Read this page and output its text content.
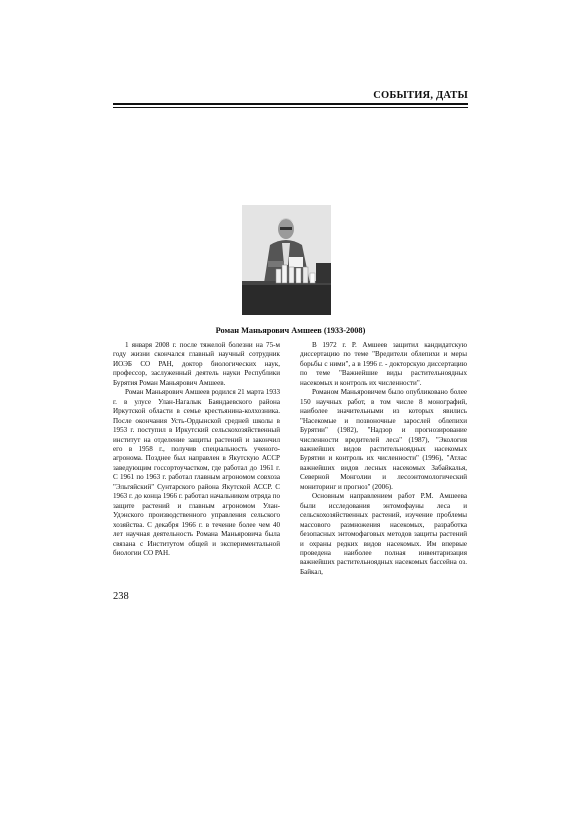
СОБЫТИЯ, ДАТЫ
Роман Маньярович Амшеев (1933-2008)

1 января 2008 г. после тяжелой болезни на 75-м году жизни скончался главный научный сотрудник ИОЭБ СО РАН, доктор биологических наук, профессор, заслуженный деятель науки Республики Бурятия Роман Маньярович Амшеев.

Роман Маньярович Амшеев родился 21 марта 1933 г. в улусе Улан-Нагалык Баяндаевского района Иркутской области в семье крестьянина-колхозника. После окончания Усть-Ордынской средней школы в 1953 г. поступил в Иркутский сельскохозяйственный институт на отделение защиты растений и закончил его в 1958 г., получив специальность ученого-агронома. Позднее был направлен в Якутскую АССР заведующим госсортоучастком, где работал до 1961 г. С 1961 по 1963 г. работал главным агрономом совхоза "Эльгяйский" Сунтарского района Якутской АССР. С 1963 г. до конца 1966 г. работал начальником отряда по защите растений и главным агрономом Улан-Удэнского производственного управления сельского хозяйства. С декабря 1966 г. в течение более чем 40 лет научная деятельность Романа Маньяровича была связана с Институтом общей и экспериментальной биологии СО РАН.

В 1972 г. Р. Амшеев защитил кандидатскую диссертацию по теме "Вредители облепихи и меры борьбы с ними", а в 1996 г. - докторскую диссертацию по теме "Важнейшие виды растительноядных насекомых и контроль их численности".

Романом Маньяровичем было опубликовано более 150 научных работ, в том числе 8 монографий, наиболее значительными из которых явились "Насекомые и позвоночные зарослей облепихи Бурятии" (1982), "Надзор и прогнозирование численности вредителей леса" (1987), "Экология важнейших видов растительноядных насекомых Бурятии и контроль их численности" (1996), "Атлас важнейших видов лесных насекомых Забайкалья, Северной Монголии и лесоэнтомологический мониторинг и прогноз" (2006).

Основным направлением работ Р.М. Амшеева были исследования энтомофауны леса и сельскохозяйственных растений, изучение проблемы массового размножения насекомых, разработка безопасных энтомофаговых методов защиты растений и охраны редких видов насекомых. Им впервые проведена наиболее полная инвентаризация важнейших растительноядных насекомых бассейна оз. Байкал,

238
